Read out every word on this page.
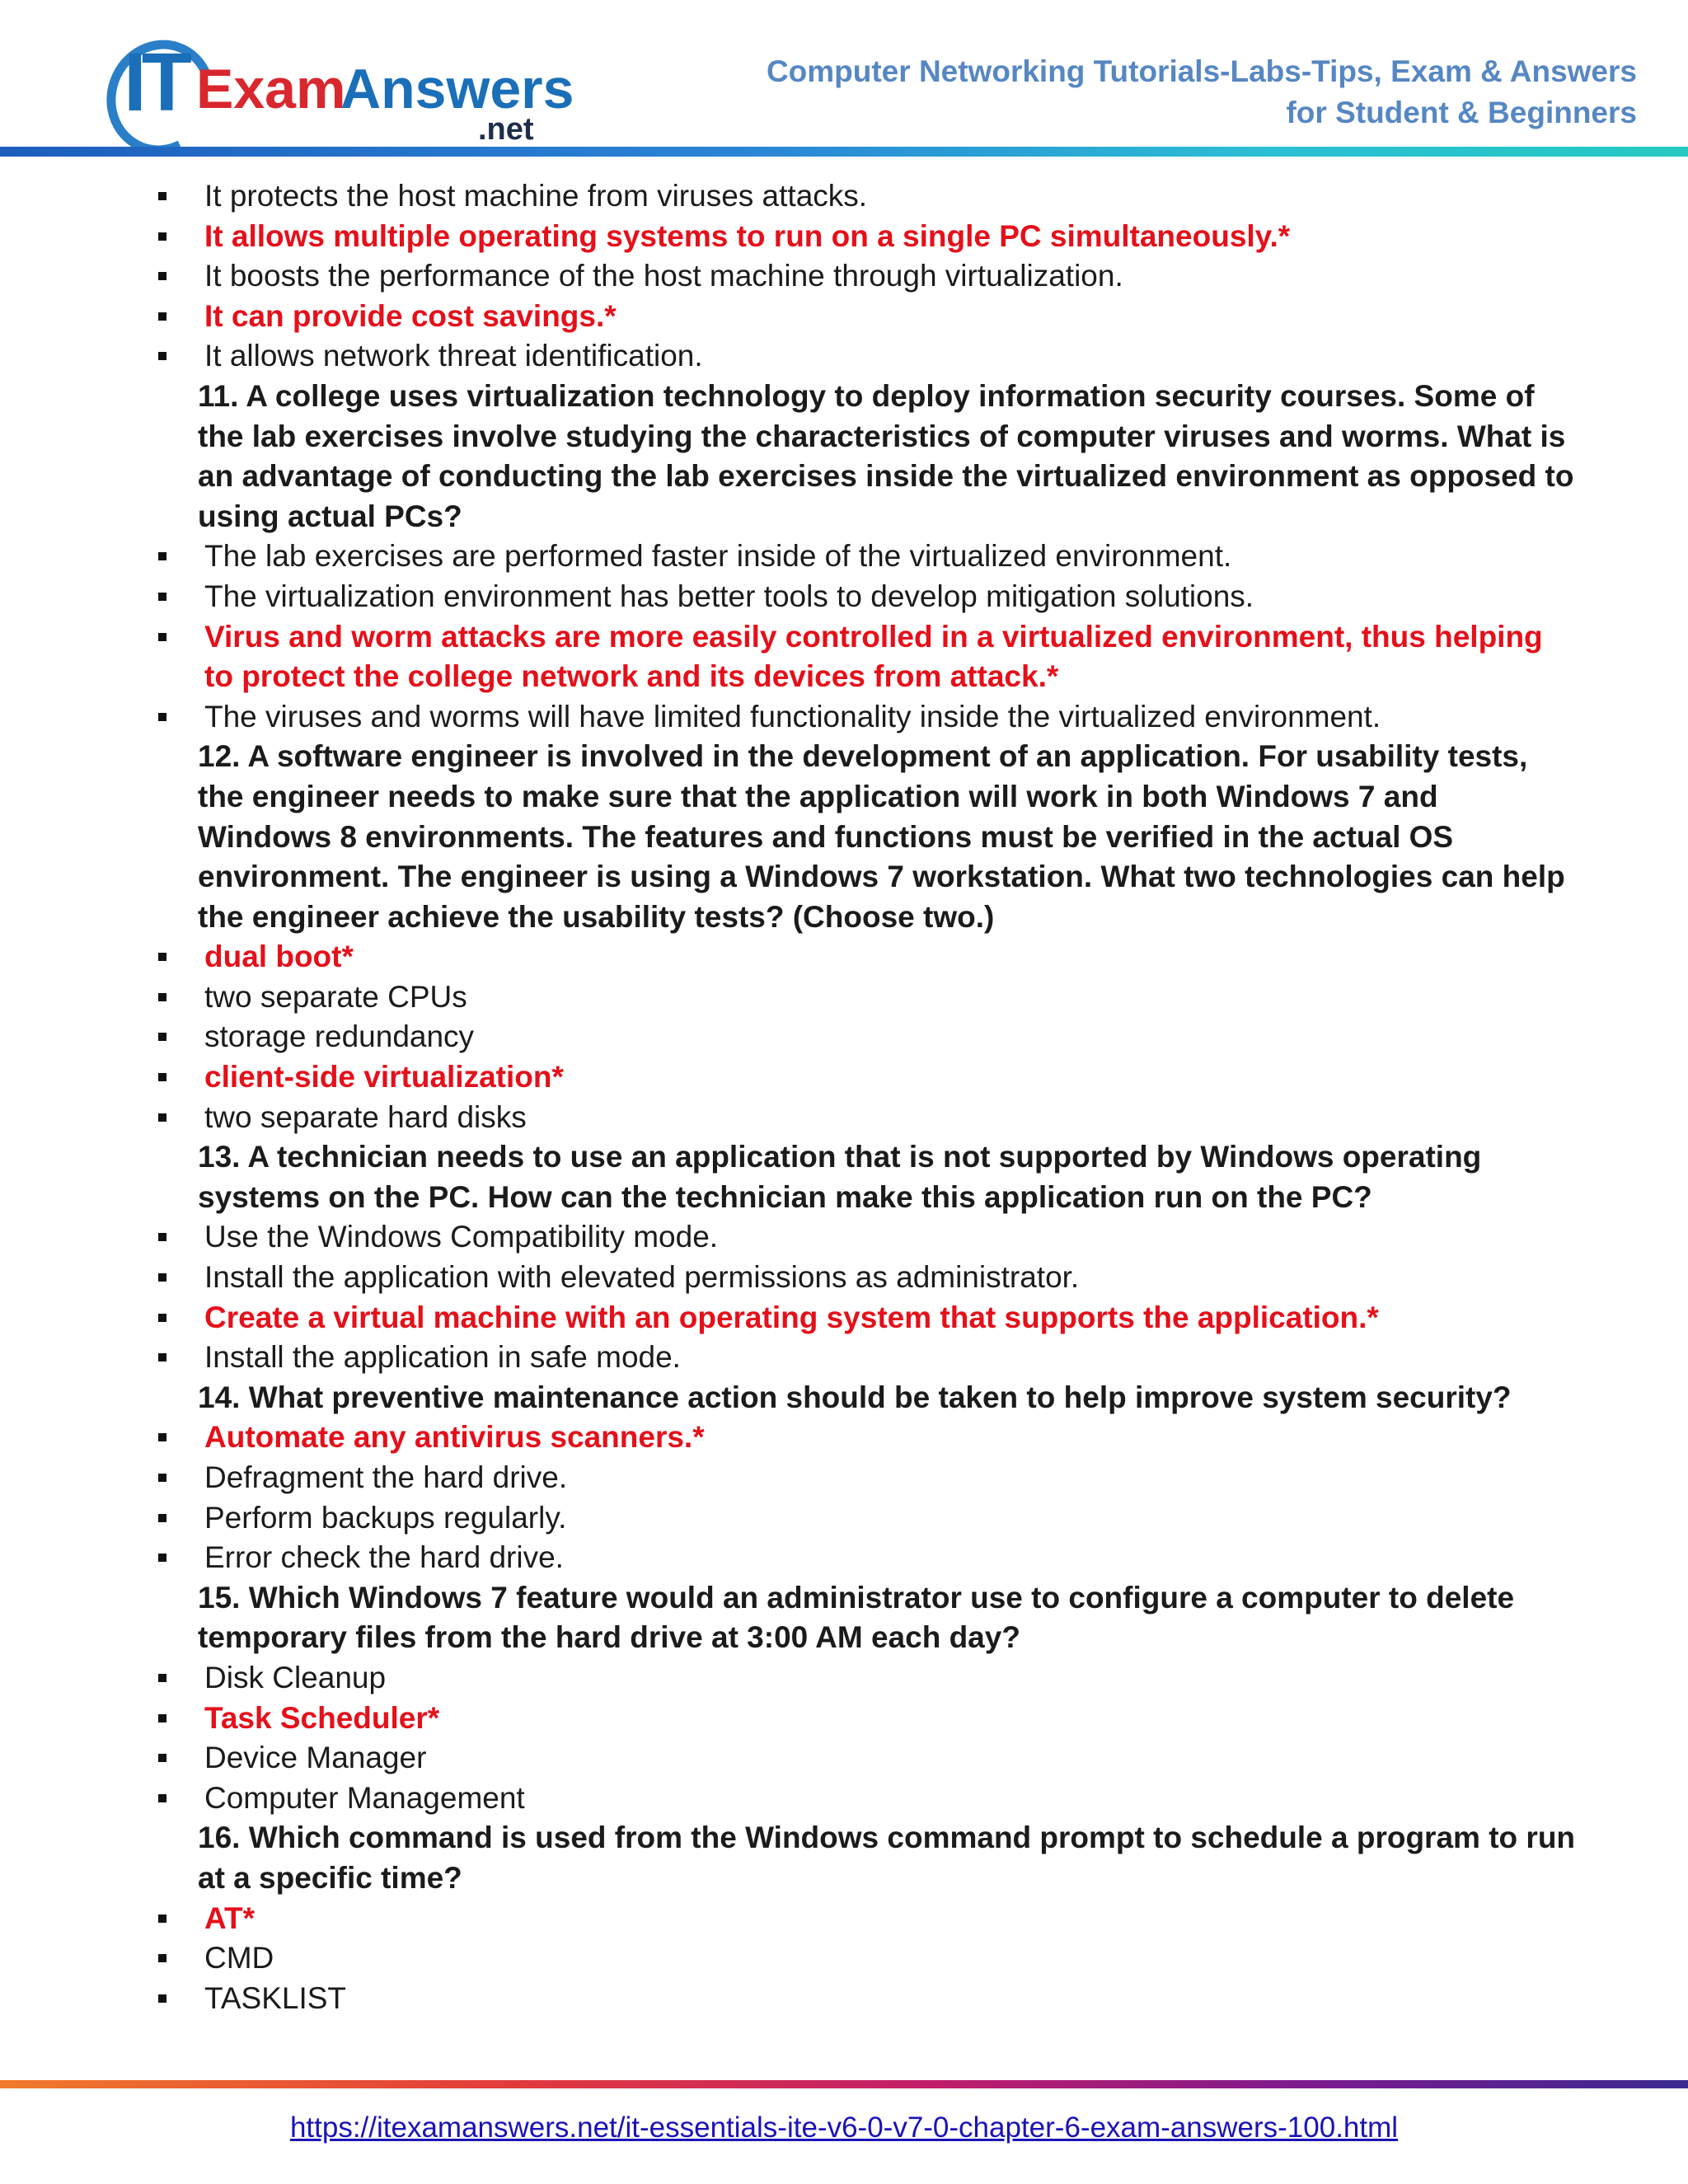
IT Exam
Answers
.net
Computer Networking Tutorials-Labs-Tips, Exam & Answers
for Student & Beginners
It protects the host machine from viruses attacks.
It allows multiple operating systems to run on a single PC simultaneously.*
It boosts the performance of the host machine through virtualization.
It can provide cost savings.*
It allows network threat identification.
11. A college uses virtualization technology to deploy information security courses. Some of
the lab exercises involve studying the characteristics of computer viruses and worms. What is
an advantage of conducting the lab exercises inside the virtualized environment as opposed to
using actual PCs?
The lab exercises are performed faster inside of the virtualized environment.
The virtualization environment has better tools to develop mitigation solutions.
Virus and worm attacks are more easily controlled in a virtualized environment, thus helping
to protect the college network and its devices from attack.*
The viruses and worms will have limited functionality inside the virtualized environment.
12. A software engineer is involved in the development of an application. For usability tests,
the engineer needs to make sure that the application will work in both Windows 7 and
Windows 8 environments. The features and functions must be verified in the actual OS
environment. The engineer is using a Windows 7 workstation. What two technologies can help
the engineer achieve the usability tests? (Choose two.)
dual boot*
two separate CPUs
storage redundancy
client-side virtualization*
two separate hard disks
13. A technician needs to use an application that is not supported by Windows operating
systems on the PC. How can the technician make this application run on the PC?
Use the Windows Compatibility mode.
Install the application with elevated permissions as administrator.
Create a virtual machine with an operating system that supports the application.*
Install the application in safe mode.
14. What preventive maintenance action should be taken to help improve system security?
Automate any antivirus scanners.*
Defragment the hard drive.
Perform backups regularly.
Error check the hard drive.
15. Which Windows 7 feature would an administrator use to configure a computer to delete
temporary files from the hard drive at 3:00 AM each day?
Disk Cleanup
Task Scheduler*
Device Manager
Computer Management
16. Which command is used from the Windows command prompt to schedule a program to run
at a specific time?
AT*
CMD
TASKLIST
https://itexamanswers.net/it-essentials-ite-v6-0-v7-0-chapter-6-exam-answers-100.html
